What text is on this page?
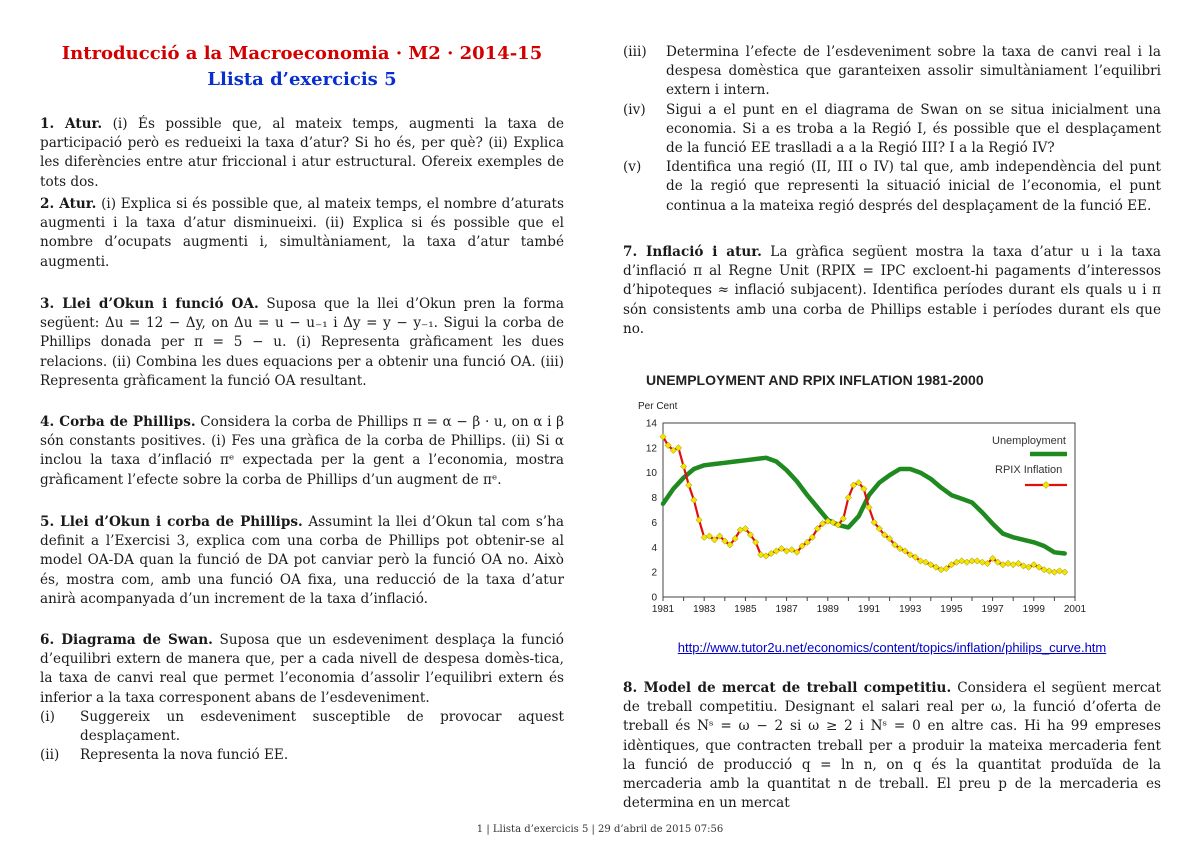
Introducció a la Macroeconomia · M2 · 2014-15
Llista d’exercicis 5

1. Atur. (i) És possible que, al mateix temps, augmenti la taxa de participació però es redueixi la taxa d’atur? Si ho és, per què? (ii) Explica les diferències entre atur friccional i atur estructural. Ofereix exemples de tots dos.

2. Atur. (i) Explica si és possible que, al mateix temps, el nombre d’aturats augmenti i la taxa d’atur disminueixi. (ii) Explica si és possible que el nombre d’ocupats augmenti i, simultàniament, la taxa d’atur també augmenti.

3. Llei d’Okun i funció OA. Suposa que la llei d’Okun pren la forma següent: Δu = 12 − Δy, on Δu = u − u₋₁ i Δy = y − y₋₁. Sigui la corba de Phillips donada per π = 5 − u. (i) Representa gràficament les dues relacions. (ii) Combina les dues equacions per a obtenir una funció OA. (iii) Representa gràficament la funció OA resultant.

4. Corba de Phillips. Considera la corba de Phillips π = α − β · u, on α i β són constants positives. (i) Fes una gràfica de la corba de Phillips. (ii) Si α inclou la taxa d’inflació πᵉ expectada per la gent a l’economia, mostra gràficament l’efecte sobre la corba de Phillips d’un augment de πᵉ.

5. Llei d’Okun i corba de Phillips. Assumint la llei d’Okun tal com s’ha definit a l’Exercisi 3, explica com una corba de Phillips pot obtenir-se al model OA-DA quan la funció de DA pot canviar però la funció OA no. Això és, mostra com, amb una funció OA fixa, una reducció de la taxa d’atur anirà acompanyada d’un increment de la taxa d’inflació.

6. Diagrama de Swan. Suposa que un esdeveniment desplaça la funció d’equilibri extern de manera que, per a cada nivell de despesa domès-tica, la taxa de canvi real que permet l’economia d’assolir l’equilibri extern és inferior a la taxa corresponent abans de l’esdeveniment.

(i) Suggereix un esdeveniment susceptible de provocar aquest desplaçament.
(ii) Representa la nova funció EE.
(iii) Determina l’efecte de l’esdeveniment sobre la taxa de canvi real i la despesa domèstica que garanteixen assolir simultàniament l’equilibri extern i intern.
(iv) Sigui a el punt en el diagrama de Swan on se situa inicialment una economia. Si a es troba a la Regió I, és possible que el desplaçament de la funció EE traslladi a a la Regió III? I a la Regió IV?
(v) Identifica una regió (II, III o IV) tal que, amb independència del punt de la regió que representi la situació inicial de l’economia, el punt continua a la mateixa regió després del desplaçament de la funció EE.

7. Inflació i atur. La gràfica següent mostra la taxa d’atur u i la taxa d’inflació π al Regne Unit (RPIX = IPC excloent-hi pagaments d’interessos d’hipoteques ≈ inflació subjacent). Identifica períodes durant els quals u i π són consistents amb una corba de Phillips estable i períodes durant els que no.

UNEMPLOYMENT AND RPIX INFLATION 1981-2000
Per Cent
0
2
4
6
8
10
12
14
1981 1983 1985 1987 1989 1991 1993 1995 1997 1999 2001
Unemployment
RPIX Inflation
http://www.tutor2u.net/economics/content/topics/inflation/philips_curve.htm

8. Model de mercat de treball competitiu. Considera el següent mercat de treball competitiu. Designant el salari real per ω, la funció d’oferta de treball és Nˢ = ω − 2 si ω ≥ 2 i Nˢ = 0 en altre cas. Hi ha 99 empreses idèntiques, que contracten treball per a produir la mateixa mercaderia fent la funció de producció q = ln n, on q és la quantitat produïda de la mercaderia amb la quantitat n de treball. El preu p de la mercaderia es determina en un mercat

1 | Llista d’exercicis 5 | 29 d’abril de 2015 07:56
